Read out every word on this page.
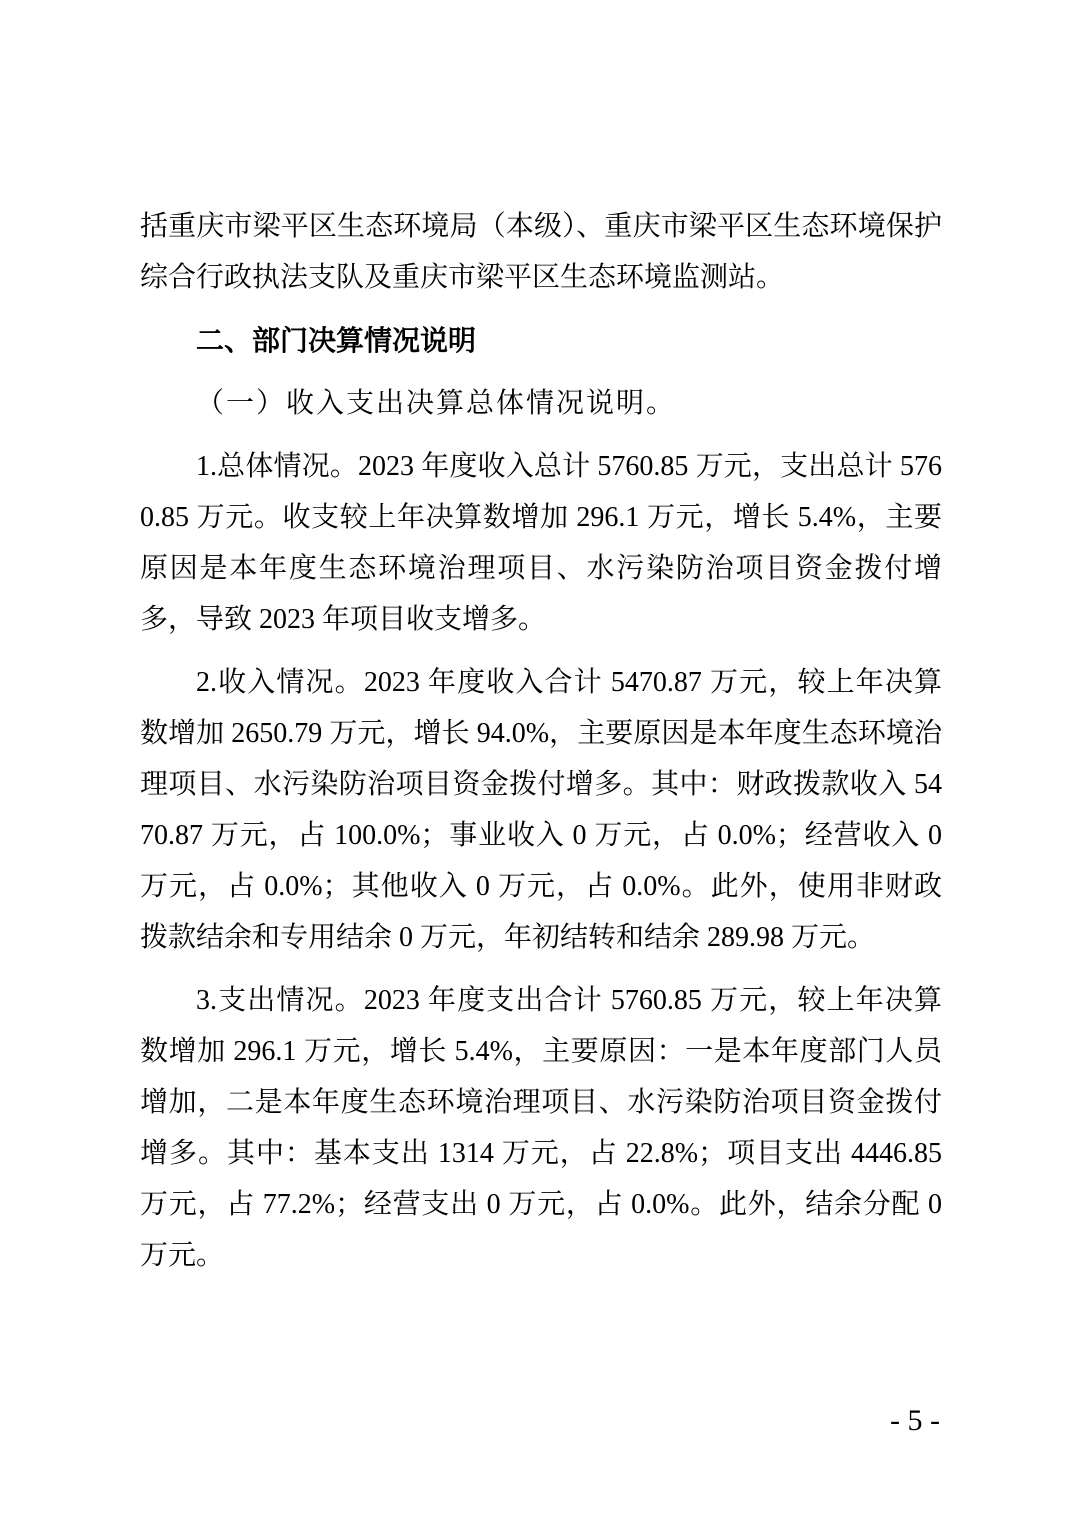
括重庆市梁平区生态环境局（本级）、重庆市梁平区生态环境保护综合行政执法支队及重庆市梁平区生态环境监测站。

二、部门决算情况说明
（一）收入支出决算总体情况说明。

1.总体情况。2023 年度收入总计 5760.85 万元，支出总计 5760.85 万元。收支较上年决算数增加 296.1 万元，增长 5.4%，主要原因是本年度生态环境治理项目、水污染防治项目资金拨付增多，导致 2023 年项目收支增多。

2.收入情况。2023 年度收入合计 5470.87 万元，较上年决算数增加 2650.79 万元，增长 94.0%，主要原因是本年度生态环境治理项目、水污染防治项目资金拨付增多。其中：财政拨款收入 5470.87 万元，占 100.0%；事业收入 0 万元，占 0.0%；经营收入 0 万元，占 0.0%；其他收入 0 万元，占 0.0%。此外，使用非财政拨款结余和专用结余 0 万元，年初结转和结余 289.98 万元。

3.支出情况。2023 年度支出合计 5760.85 万元，较上年决算数增加 296.1 万元，增长 5.4%，主要原因：一是本年度部门人员增加，二是本年度生态环境治理项目、水污染防治项目资金拨付增多。其中：基本支出 1314 万元，占 22.8%；项目支出 4446.85 万元，占 77.2%；经营支出 0 万元，占 0.0%。此外，结余分配 0 万元。

- 5 -
